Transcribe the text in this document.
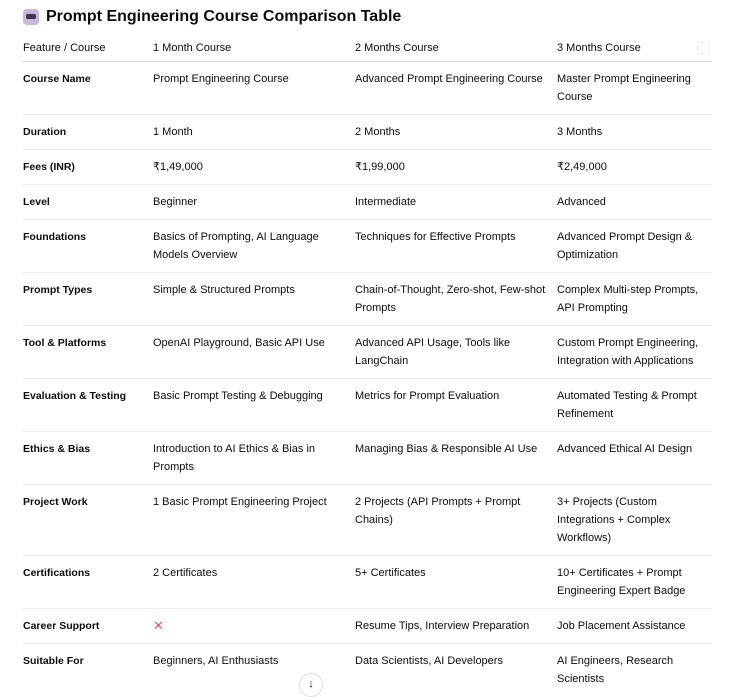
Prompt Engineering Course Comparison Table
Feature / Course	1 Month Course	2 Months Course	3 Months Course
Course Name	Prompt Engineering Course	Advanced Prompt Engineering Course	Master Prompt Engineering Course
Duration	1 Month	2 Months	3 Months
Fees (INR)	₹1,49,000	₹1,99,000	₹2,49,000
Level	Beginner	Intermediate	Advanced
Foundations	Basics of Prompting, AI Language Models Overview	Techniques for Effective Prompts	Advanced Prompt Design & Optimization
Prompt Types	Simple & Structured Prompts	Chain-of-Thought, Zero-shot, Few-shot Prompts	Complex Multi-step Prompts, API Prompting
Tool & Platforms	OpenAI Playground, Basic API Use	Advanced API Usage, Tools like LangChain	Custom Prompt Engineering, Integration with Applications
Evaluation & Testing	Basic Prompt Testing & Debugging	Metrics for Prompt Evaluation	Automated Testing & Prompt Refinement
Ethics & Bias	Introduction to AI Ethics & Bias in Prompts	Managing Bias & Responsible AI Use	Advanced Ethical AI Design
Project Work	1 Basic Prompt Engineering Project	2 Projects (API Prompts + Prompt Chains)	3+ Projects (Custom Integrations + Complex Workflows)
Certifications	2 Certificates	5+ Certificates	10+ Certificates + Prompt Engineering Expert Badge
Career Support	✕	Resume Tips, Interview Preparation	Job Placement Assistance
Suitable For	Beginners, AI Enthusiasts	Data Scientists, AI Developers	AI Engineers, Research Scientists
↓
